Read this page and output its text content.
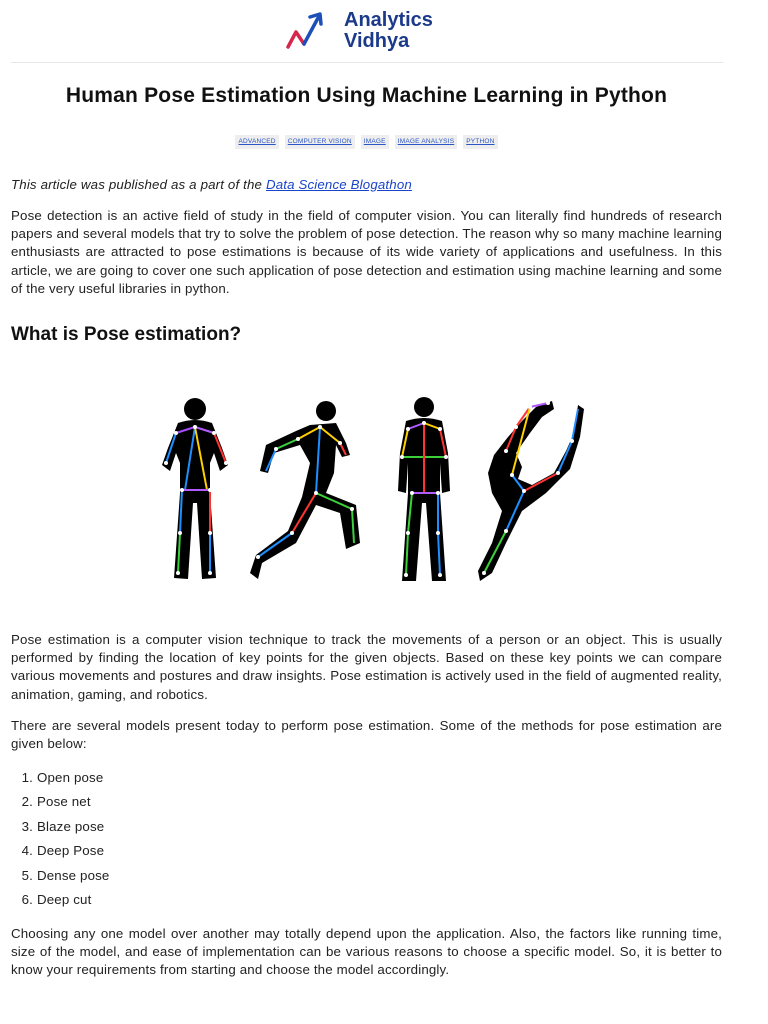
Analytics
Vidhya
Human Pose Estimation Using Machine Learning in Python
ADVANCED COMPUTER VISION IMAGE IMAGE ANALYSIS PYTHON

This article was published as a part of the Data Science Blogathon

Pose detection is an active field of study in the field of computer vision. You can literally find hundreds of research papers and several models that try to solve the problem of pose detection. The reason why so many machine learning enthusiasts are attracted to pose estimations is because of its wide variety of applications and usefulness. In this article, we are going to cover one such application of pose detection and estimation using machine learning and some of the very useful libraries in python.

What is Pose estimation?

Pose estimation is a computer vision technique to track the movements of a person or an object. This is usually performed by finding the location of key points for the given objects. Based on these key points we can compare various movements and postures and draw insights. Pose estimation is actively used in the field of augmented reality, animation, gaming, and robotics.

There are several models present today to perform pose estimation. Some of the methods for pose estimation are given below:

1. Open pose
2. Pose net
3. Blaze pose
4. Deep Pose
5. Dense pose
6. Deep cut

Choosing any one model over another may totally depend upon the application. Also, the factors like running time, size of the model, and ease of implementation can be various reasons to choose a specific model. So, it is better to know your requirements from starting and choose the model accordingly.
